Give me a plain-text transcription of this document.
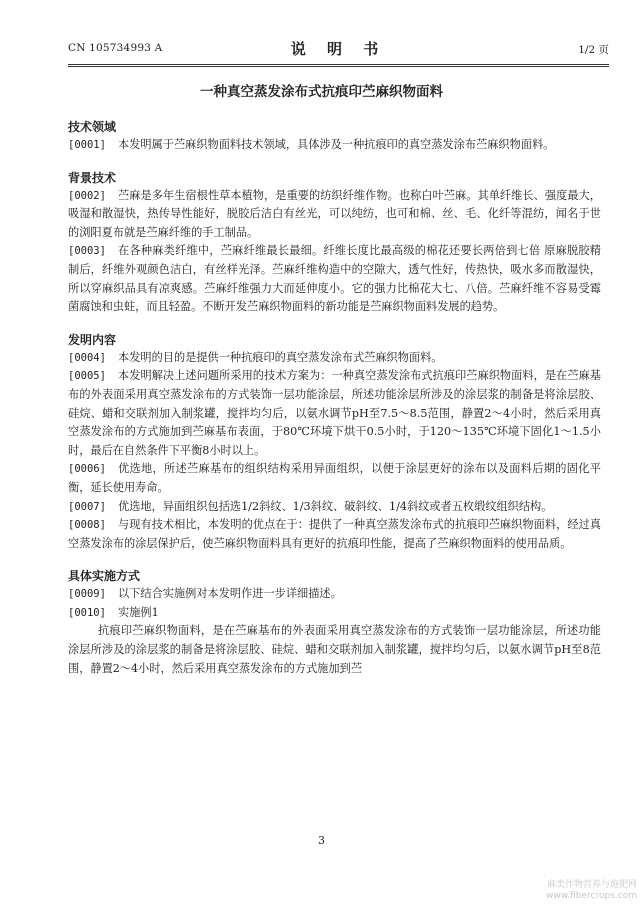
CN 105734993 A	说 明 书	1/2 页
一种真空蒸发涂布式抗痕印苎麻织物面料

技术领域

[0001]	本发明属于苎麻织物面料技术领域，具体涉及一种抗痕印的真空蒸发涂布苎麻织物面料。

背景技术

[0002]	苎麻是多年生宿根性草本植物，是重要的纺织纤维作物。也称白叶苎麻。其单纤维长、强度最大，吸湿和散湿快，热传导性能好，脱胶后洁白有丝光，可以纯纺，也可和棉、丝、毛、化纤等混纺，闻名于世的浏阳夏布就是苎麻纤维的手工制品。
[0003]	在各种麻类纤维中，苎麻纤维最长最细。纤维长度比最高级的棉花还要长两倍到七倍 原麻脱胶精制后，纤维外观颜色洁白，有丝样光泽。苎麻纤维构造中的空隙大，透气性好，传热快，吸水多而散湿快，所以穿麻织品具有凉爽感。苎麻纤维强力大而延伸度小。它的强力比棉花大七、八倍。苎麻纤维不容易受霉菌腐蚀和虫蛀，而且轻盈。不断开发苎麻织物面料的新功能是苎麻织物面料发展的趋势。

发明内容

[0004]	本发明的目的是提供一种抗痕印的真空蒸发涂布式苎麻织物面料。
[0005]	本发明解决上述问题所采用的技术方案为：一种真空蒸发涂布式抗痕印苎麻织物面料，是在苎麻基布的外表面采用真空蒸发涂布的方式装饰一层功能涂层，所述功能涂层所涉及的涂层浆的制备是将涂层胶、硅烷、蜡和交联剂加入制浆罐，搅拌均匀后，以氨水调节pH至7.5～8.5范围，静置2～4小时，然后采用真空蒸发涂布的方式施加到苎麻基布表面，于80℃环境下烘干0.5小时，于120～135℃环境下固化1～1.5小时，最后在自然条件下平衡8小时以上。
[0006]	优选地，所述苎麻基布的组织结构采用异面组织，以便于涂层更好的涂布以及面料后期的固化平衡，延长使用寿命。
[0007]	优选地，异面组织包括选1/2斜纹、1/3斜纹、破斜纹、1/4斜纹或者五枚缎纹组织结构。
[0008]	与现有技术相比，本发明的优点在于：提供了一种真空蒸发涂布式的抗痕印苎麻织物面料，经过真空蒸发涂布的涂层保护后，使苎麻织物面料具有更好的抗痕印性能，提高了苎麻织物面料的使用品质。

具体实施方式

[0009]	以下结合实施例对本发明作进一步详细描述。
[0010]	实施例1

抗痕印苎麻织物面料，是在苎麻基布的外表面采用真空蒸发涂布的方式装饰一层功能涂层，所述功能涂层所涉及的涂层浆的制备是将涂层胶、硅烷、蜡和交联剂加入制浆罐，搅拌均匀后，以氨水调节pH至8范围，静置2～4小时，然后采用真空蒸发涂布的方式施加到苎

3
麻类作物营养与施肥网
www.fibercrops.com
